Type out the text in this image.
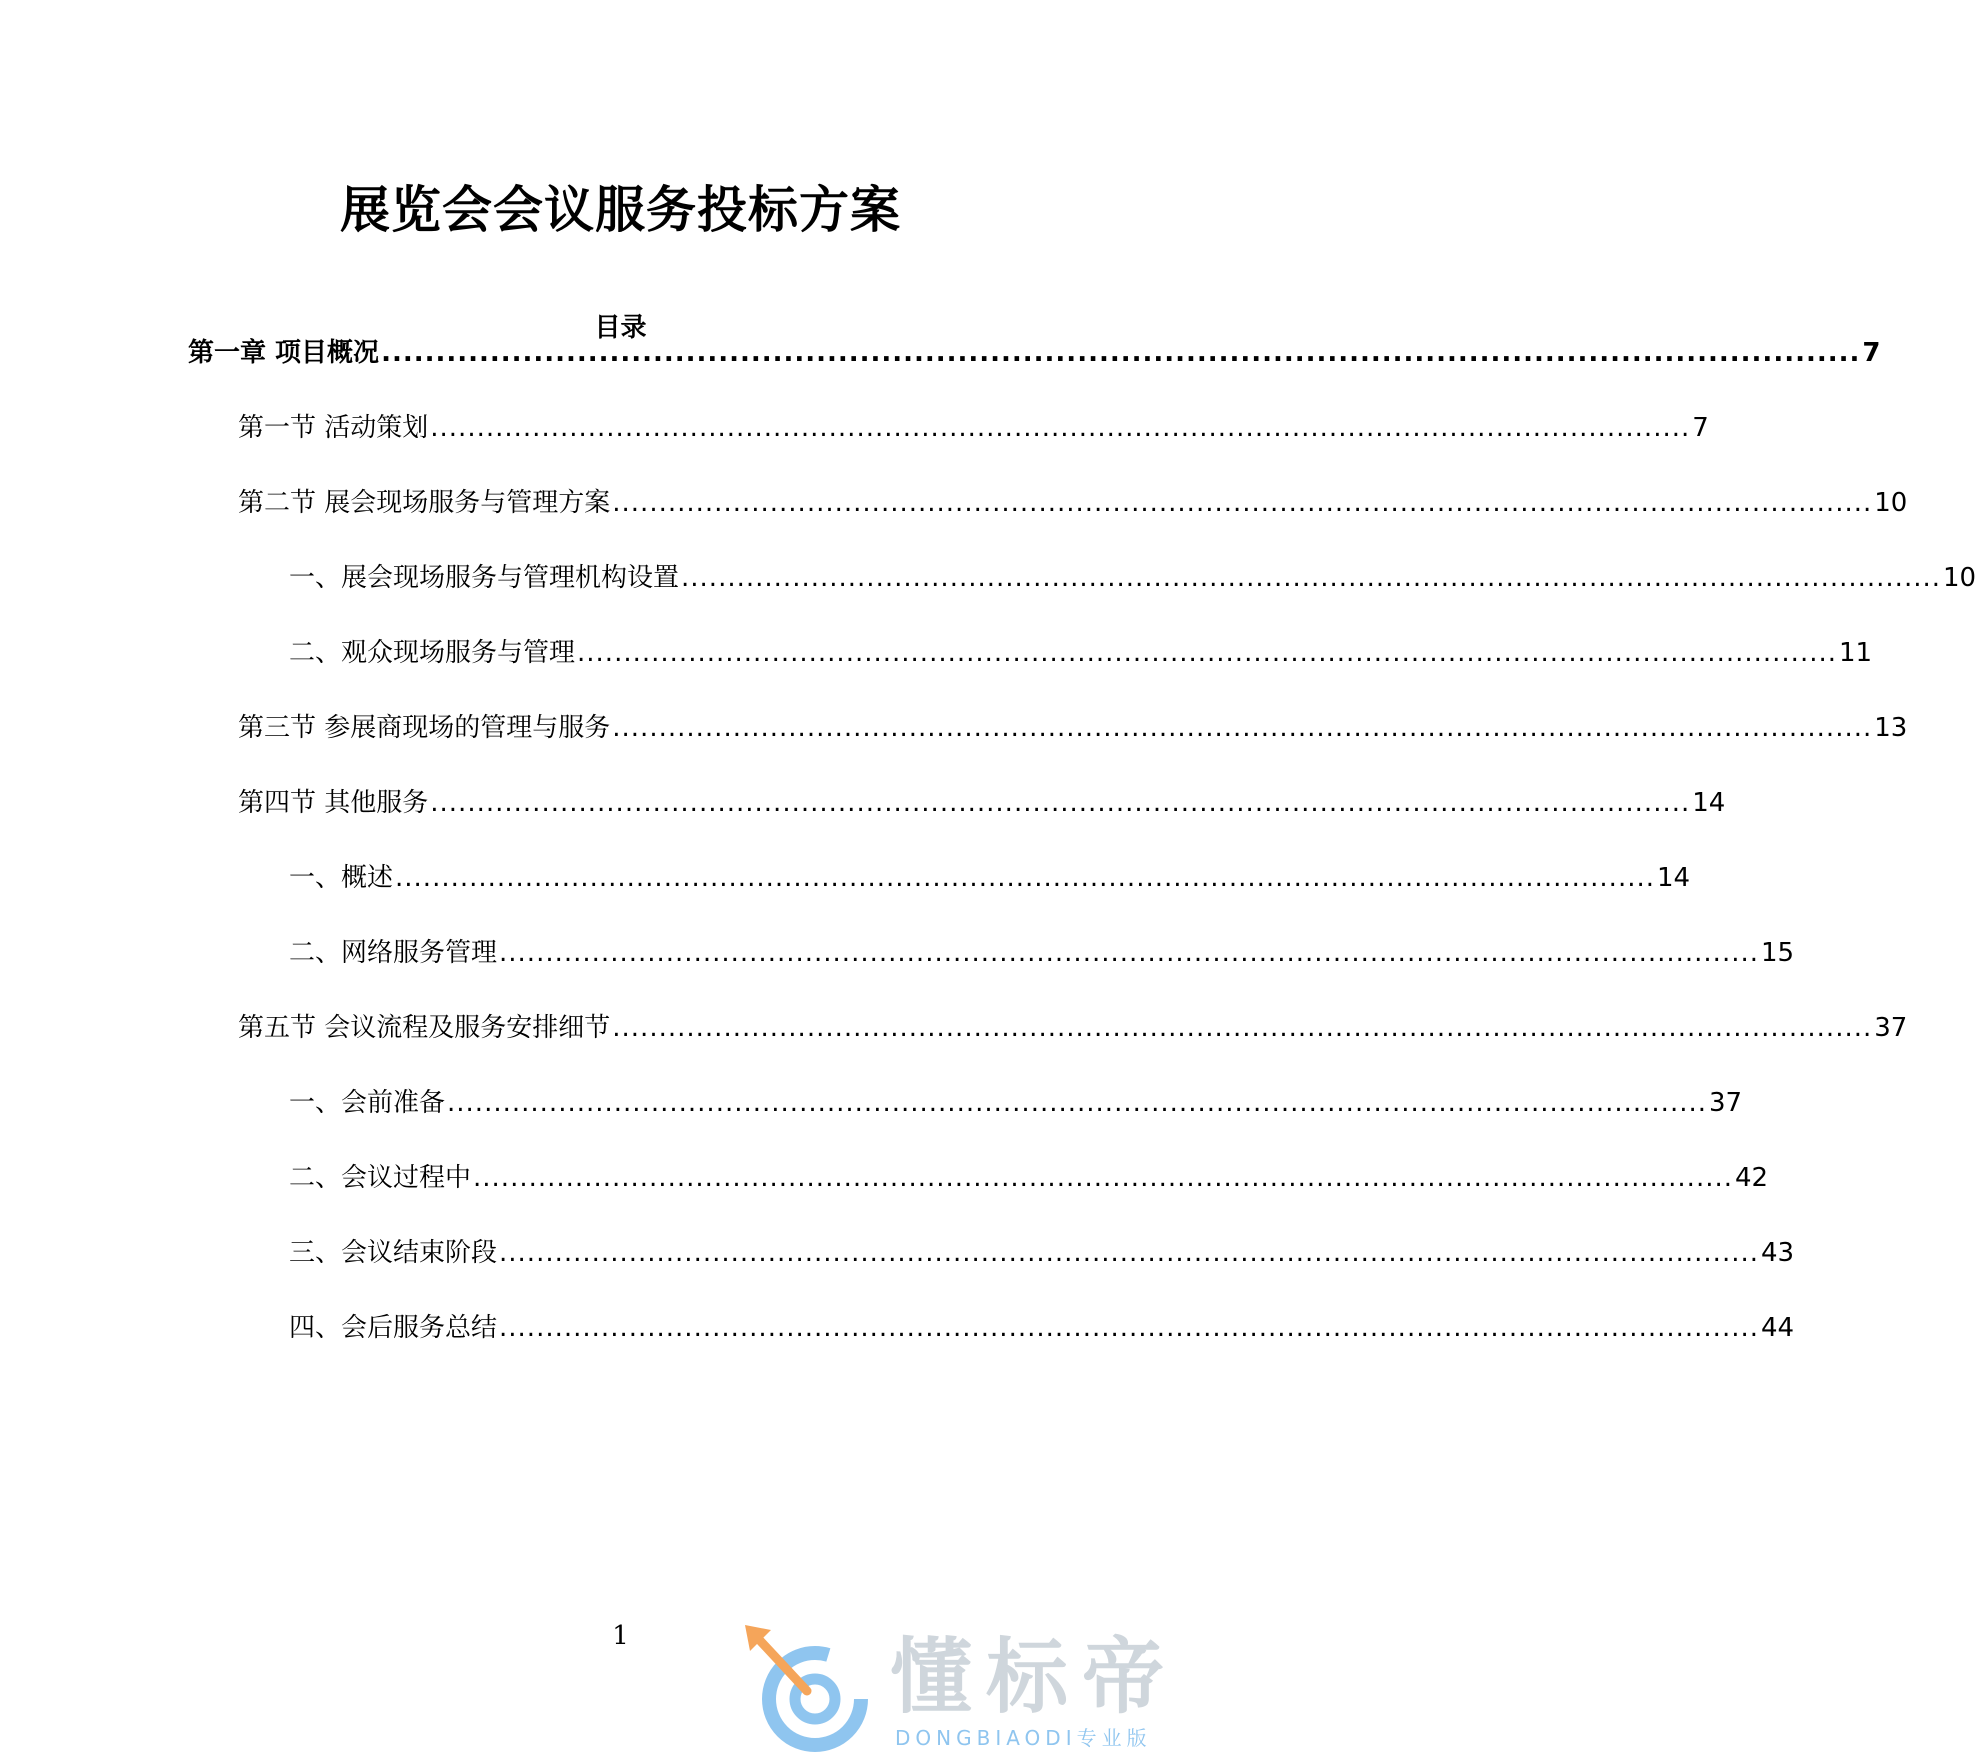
展览会会议服务投标方案
目录
第一章 项目概况 ........................................................................................................................................ 7
第一节 活动策划 ........................................................................................................................................ 7
第二节 展会现场服务与管理方案 ........................................................................................................................................ 10
一、展会现场服务与管理机构设置 ........................................................................................................................................ 10
二、观众现场服务与管理 ........................................................................................................................................ 11
第三节 参展商现场的管理与服务 ........................................................................................................................................ 13
第四节 其他服务 ........................................................................................................................................ 14
一、概述 ........................................................................................................................................ 14
二、网络服务管理 ........................................................................................................................................ 15
第五节 会议流程及服务安排细节 ........................................................................................................................................ 37
一、会前准备 ........................................................................................................................................ 37
二、会议过程中 ........................................................................................................................................ 42
三、会议结束阶段 ........................................................................................................................................ 43
四、会后服务总结 ........................................................................................................................................ 44
1	懂标帝
DONGBIAODI专业版
